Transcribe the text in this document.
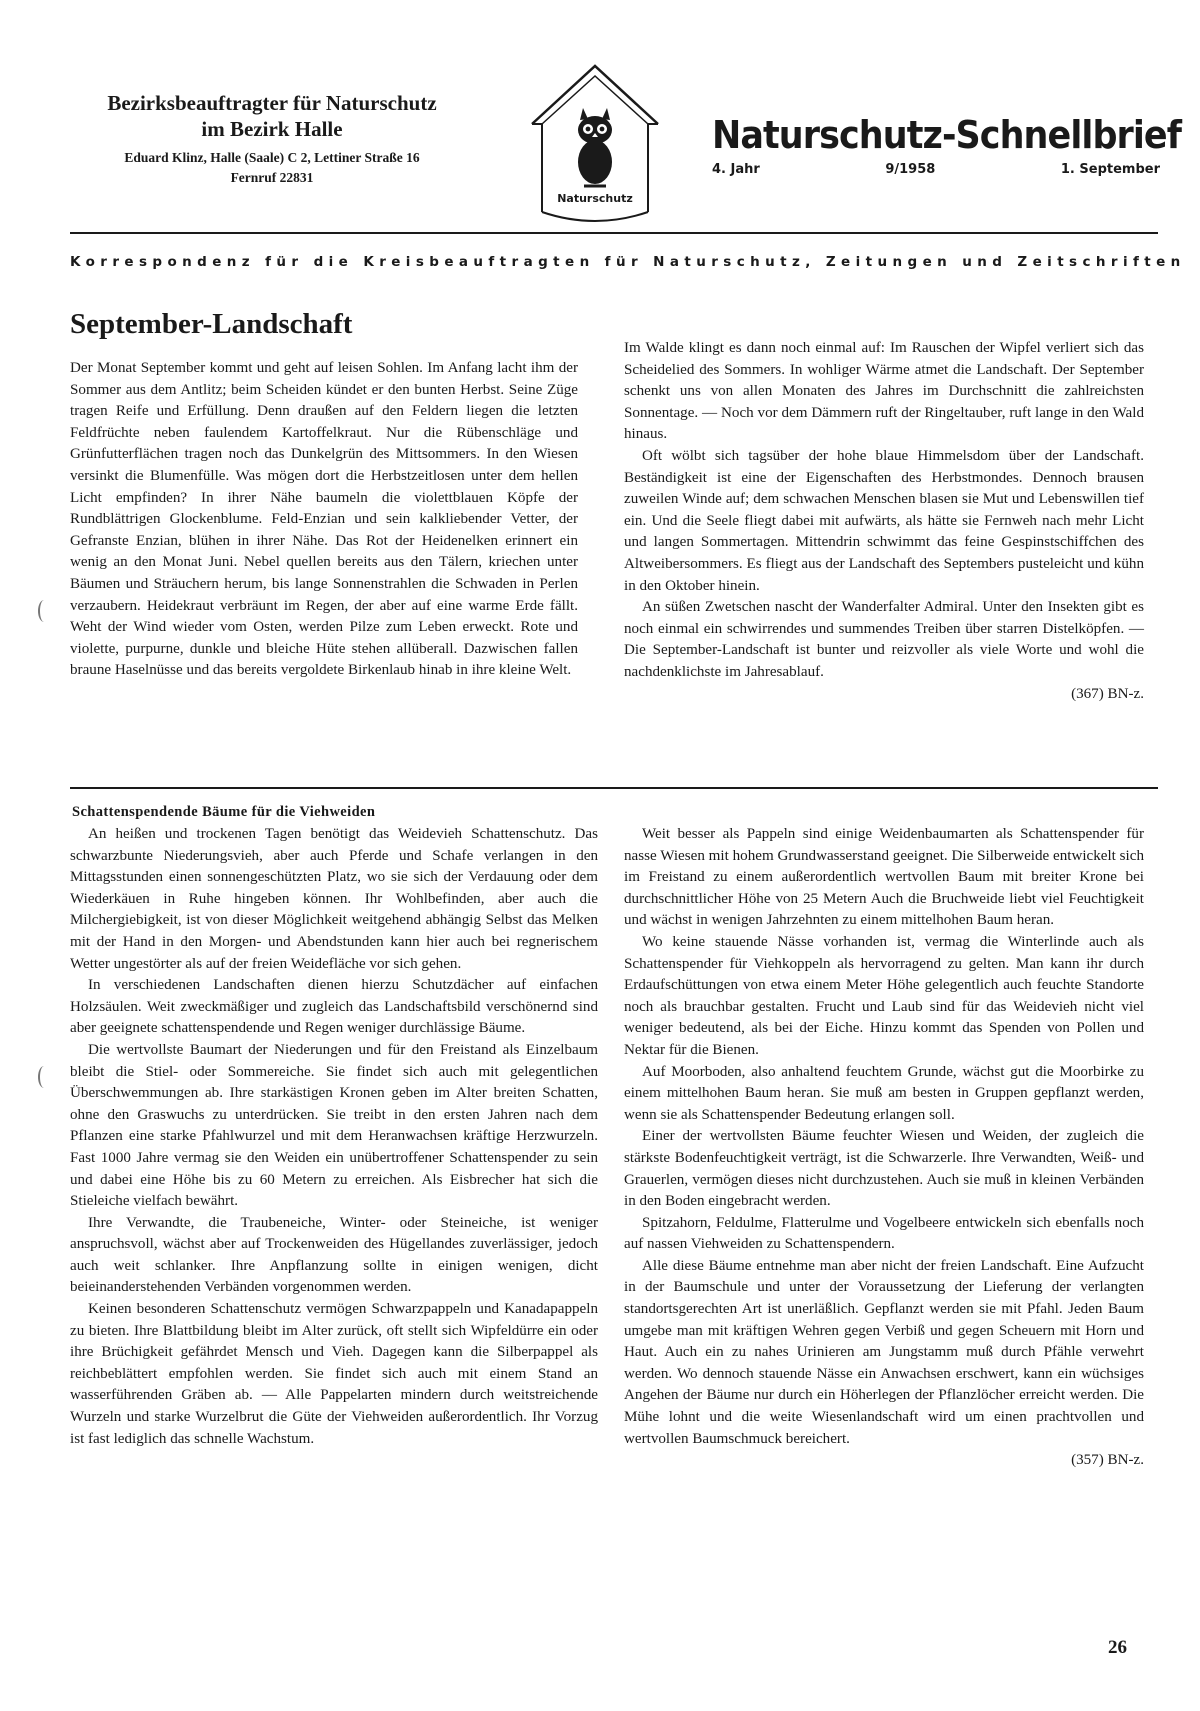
Bezirksbeauftragter für Naturschutz
im Bezirk Halle
Eduard Klinz, Halle (Saale) C 2, Lettiner Straße 16
Fernruf 22831
Naturschutz
Naturschutz-Schnellbrief
4. Jahr	9/1958	1. September
Korrespondenz für die Kreisbeauftragten für Naturschutz, Zeitungen und Zeitschriften
September-Landschaft

Der Monat September kommt und geht auf leisen Sohlen. Im Anfang lacht ihm der Sommer aus dem Antlitz; beim Scheiden kündet er den bunten Herbst. Seine Züge tragen Reife und Erfüllung. Denn draußen auf den Feldern liegen die letzten Feldfrüchte neben faulendem Kartoffelkraut. Nur die Rübenschläge und Grünfutterflächen tragen noch das Dunkelgrün des Mittsommers. In den Wiesen versinkt die Blumenfülle. Was mögen dort die Herbstzeitlosen unter dem hellen Licht empfinden? In ihrer Nähe baumeln die violettblauen Köpfe der Rundblättrigen Glockenblume. Feld-Enzian und sein kalkliebender Vetter, der Gefranste Enzian, blühen in ihrer Nähe. Das Rot der Heidenelken erinnert ein wenig an den Monat Juni. Nebel quellen bereits aus den Tälern, kriechen unter Bäumen und Sträuchern herum, bis lange Sonnenstrahlen die Schwaden in Perlen verzaubern. Heidekraut verbräunt im Regen, der aber auf eine warme Erde fällt. Weht der Wind wieder vom Osten, werden Pilze zum Leben erweckt. Rote und violette, purpurne, dunkle und bleiche Hüte stehen allüberall. Dazwischen fallen braune Haselnüsse und das bereits vergoldete Birkenlaub hinab in ihre kleine Welt.

Im Walde klingt es dann noch einmal auf: Im Rauschen der Wipfel verliert sich das Scheidelied des Sommers. In wohliger Wärme atmet die Landschaft. Der September schenkt uns von allen Monaten des Jahres im Durchschnitt die zahlreichsten Sonnentage. — Noch vor dem Dämmern ruft der Ringeltauber, ruft lange in den Wald hinaus.

Oft wölbt sich tagsüber der hohe blaue Himmelsdom über der Landschaft. Beständigkeit ist eine der Eigenschaften des Herbstmondes. Dennoch brausen zuweilen Winde auf; dem schwachen Menschen blasen sie Mut und Lebenswillen tief ein. Und die Seele fliegt dabei mit aufwärts, als hätte sie Fernweh nach mehr Licht und langen Sommertagen. Mittendrin schwimmt das feine Gespinstschiffchen des Altweibersommers. Es fliegt aus der Landschaft des Septembers pusteleicht und kühn in den Oktober hinein.

An süßen Zwetschen nascht der Wanderfalter Admiral. Unter den Insekten gibt es noch einmal ein schwirrendes und summendes Treiben über starren Distelköpfen. — Die September-Landschaft ist bunter und reizvoller als viele Worte und wohl die nachdenklichste im Jahresablauf.

(367) BN-z.

Schattenspendende Bäume für die Viehweiden

An heißen und trockenen Tagen benötigt das Weidevieh Schattenschutz. Das schwarzbunte Niederungsvieh, aber auch Pferde und Schafe verlangen in den Mittagsstunden einen sonnengeschützten Platz, wo sie sich der Verdauung oder dem Wiederkäuen in Ruhe hingeben können. Ihr Wohlbefinden, aber auch die Milchergiebigkeit, ist von dieser Möglichkeit weitgehend abhängig Selbst das Melken mit der Hand in den Morgen- und Abendstunden kann hier auch bei regnerischem Wetter ungestörter als auf der freien Weidefläche vor sich gehen.

In verschiedenen Landschaften dienen hierzu Schutzdächer auf einfachen Holzsäulen. Weit zweckmäßiger und zugleich das Landschaftsbild verschönernd sind aber geeignete schattenspendende und Regen weniger durchlässige Bäume.

Die wertvollste Baumart der Niederungen und für den Freistand als Einzelbaum bleibt die Stiel- oder Sommereiche. Sie findet sich auch mit gelegentlichen Überschwemmungen ab. Ihre starkästigen Kronen geben im Alter breiten Schatten, ohne den Graswuchs zu unterdrücken. Sie treibt in den ersten Jahren nach dem Pflanzen eine starke Pfahlwurzel und mit dem Heranwachsen kräftige Herzwurzeln. Fast 1000 Jahre vermag sie den Weiden ein unübertroffener Schattenspender zu sein und dabei eine Höhe bis zu 60 Metern zu erreichen. Als Eisbrecher hat sich die Stieleiche vielfach bewährt.

Ihre Verwandte, die Traubeneiche, Winter- oder Steineiche, ist weniger anspruchsvoll, wächst aber auf Trockenweiden des Hügellandes zuverlässiger, jedoch auch weit schlanker. Ihre Anpflanzung sollte in einigen wenigen, dicht beieinanderstehenden Verbänden vorgenommen werden.

Keinen besonderen Schattenschutz vermögen Schwarzpappeln und Kanadapappeln zu bieten. Ihre Blattbildung bleibt im Alter zurück, oft stellt sich Wipfeldürre ein oder ihre Brüchigkeit gefährdet Mensch und Vieh. Dagegen kann die Silberpappel als reichbeblättert empfohlen werden. Sie findet sich auch mit einem Stand an wasserführenden Gräben ab. — Alle Pappelarten mindern durch weitstreichende Wurzeln und starke Wurzelbrut die Güte der Viehweiden außerordentlich. Ihr Vorzug ist fast lediglich das schnelle Wachstum.

Weit besser als Pappeln sind einige Weidenbaumarten als Schattenspender für nasse Wiesen mit hohem Grundwasserstand geeignet. Die Silberweide entwickelt sich im Freistand zu einem außerordentlich wertvollen Baum mit breiter Krone bei durchschnittlicher Höhe von 25 Metern Auch die Bruchweide liebt viel Feuchtigkeit und wächst in wenigen Jahrzehnten zu einem mittelhohen Baum heran.

Wo keine stauende Nässe vorhanden ist, vermag die Winterlinde auch als Schattenspender für Viehkoppeln als hervorragend zu gelten. Man kann ihr durch Erdaufschüttungen von etwa einem Meter Höhe gelegentlich auch feuchte Standorte noch als brauchbar gestalten. Frucht und Laub sind für das Weidevieh nicht viel weniger bedeutend, als bei der Eiche. Hinzu kommt das Spenden von Pollen und Nektar für die Bienen.

Auf Moorboden, also anhaltend feuchtem Grunde, wächst gut die Moorbirke zu einem mittelhohen Baum heran. Sie muß am besten in Gruppen gepflanzt werden, wenn sie als Schattenspender Bedeutung erlangen soll.

Einer der wertvollsten Bäume feuchter Wiesen und Weiden, der zugleich die stärkste Bodenfeuchtigkeit verträgt, ist die Schwarzerle. Ihre Verwandten, Weiß- und Grauerlen, vermögen dieses nicht durchzustehen. Auch sie muß in kleinen Verbänden in den Boden eingebracht werden.

Spitzahorn, Feldulme, Flatterulme und Vogelbeere entwickeln sich ebenfalls noch auf nassen Viehweiden zu Schattenspendern.

Alle diese Bäume entnehme man aber nicht der freien Landschaft. Eine Aufzucht in der Baumschule und unter der Voraussetzung der Lieferung der verlangten standortsgerechten Art ist unerläßlich. Gepflanzt werden sie mit Pfahl. Jeden Baum umgebe man mit kräftigen Wehren gegen Verbiß und gegen Scheuern mit Horn und Haut. Auch ein zu nahes Urinieren am Jungstamm muß durch Pfähle verwehrt werden. Wo dennoch stauende Nässe ein Anwachsen erschwert, kann ein wüchsiges Angehen der Bäume nur durch ein Höherlegen der Pflanzlöcher erreicht werden. Die Mühe lohnt und die weite Wiesenlandschaft wird um einen prachtvollen und wertvollen Baumschmuck bereichert.

(357) BN-z.

26
